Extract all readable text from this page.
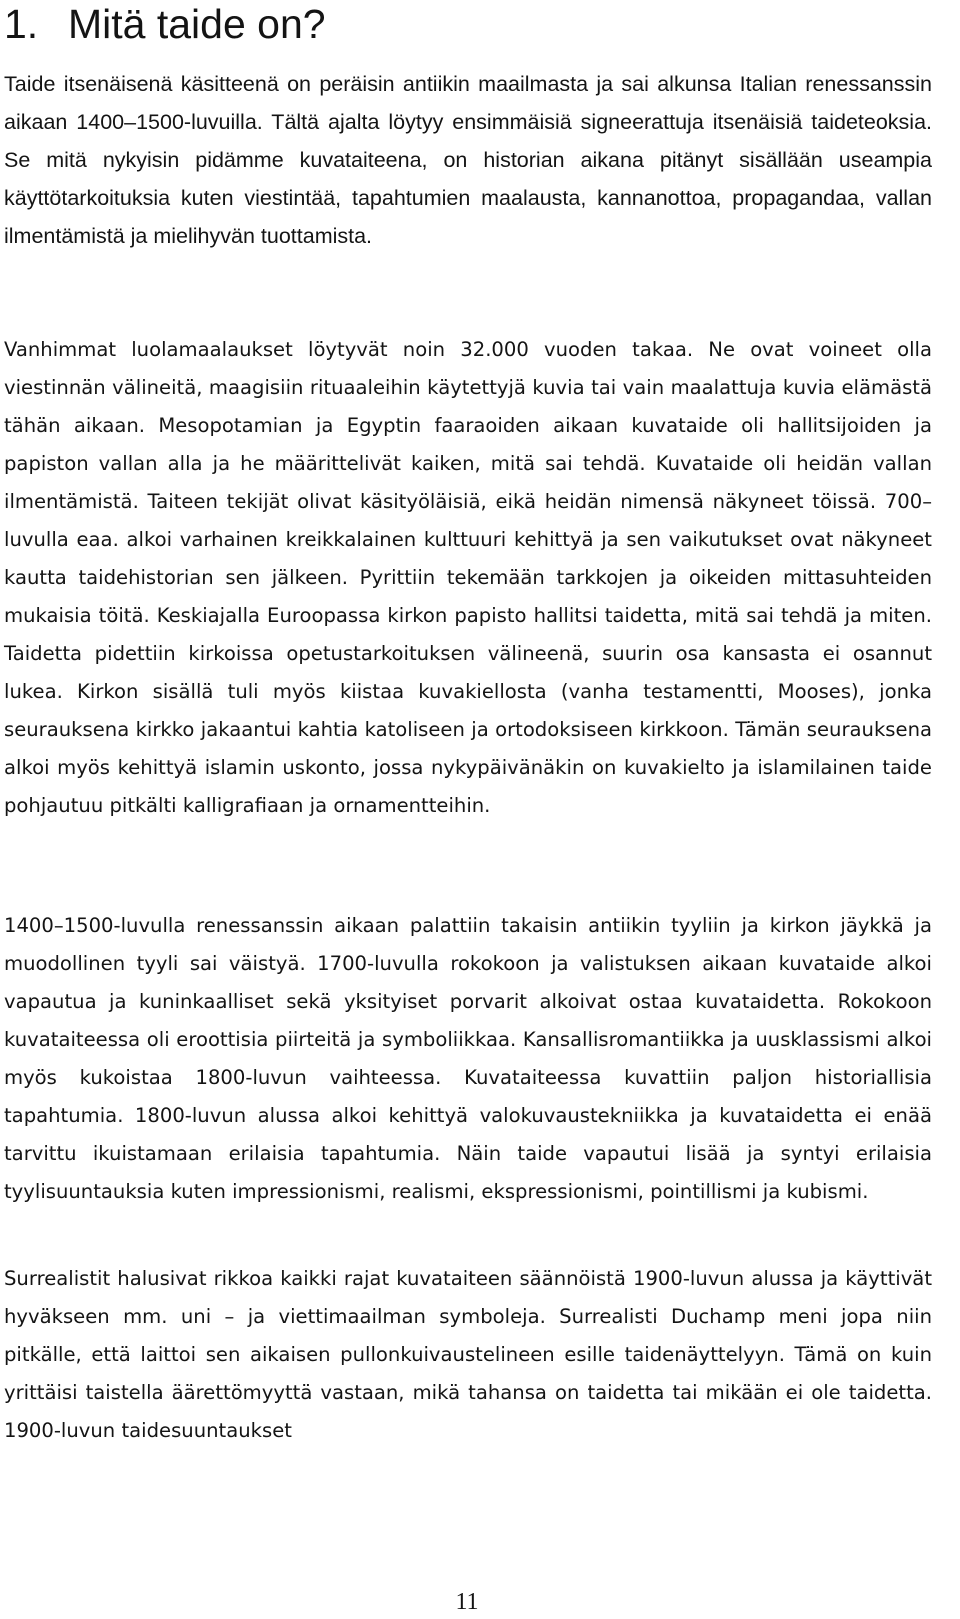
1. Mitä taide on?

Taide itsenäisenä käsitteenä on peräisin antiikin maailmasta ja sai alkunsa Italian renessanssin aikaan 1400–1500-luvuilla. Tältä ajalta löytyy ensimmäisiä signeerattuja itsenäisiä taideteoksia. Se mitä nykyisin pidämme kuvataiteena, on historian aikana pitänyt sisällään useampia käyttötarkoituksia kuten viestintää, tapahtumien maalausta, kannanottoa, propagandaa, vallan ilmentämistä ja mielihyvän tuottamista.

Vanhimmat luolamaalaukset löytyvät noin 32.000 vuoden takaa. Ne ovat voineet olla viestinnän välineitä, maagisiin rituaaleihin käytettyjä kuvia tai vain maalattuja kuvia elämästä tähän aikaan. Mesopotamian ja Egyptin faaraoiden aikaan kuvataide oli hallitsijoiden ja papiston vallan alla ja he määrittelivät kaiken, mitä sai tehdä. Kuvataide oli heidän vallan ilmentämistä. Taiteen tekijät olivat käsityöläisiä, eikä heidän nimensä näkyneet töissä. 700–luvulla eaa. alkoi varhainen kreikkalainen kulttuuri kehittyä ja sen vaikutukset ovat näkyneet kautta taidehistorian sen jälkeen. Pyrittiin tekemään tarkkojen ja oikeiden mittasuhteiden mukaisia töitä. Keskiajalla Euroopassa kirkon papisto hallitsi taidetta, mitä sai tehdä ja miten. Taidetta pidettiin kirkoissa opetustarkoituksen välineenä, suurin osa kansasta ei osannut lukea. Kirkon sisällä tuli myös kiistaa kuvakiellosta (vanha testamentti, Mooses), jonka seurauksena kirkko jakaantui kahtia katoliseen ja ortodoksiseen kirkkoon. Tämän seurauksena alkoi myös kehittyä islamin uskonto, jossa nykypäivänäkin on kuvakielto ja islamilainen taide pohjautuu pitkälti kalligrafiaan ja ornamentteihin.

1400–1500-luvulla renessanssin aikaan palattiin takaisin antiikin tyyliin ja kirkon jäykkä ja muodollinen tyyli sai väistyä. 1700-luvulla rokokoon ja valistuksen aikaan kuvataide alkoi vapautua ja kuninkaalliset sekä yksityiset porvarit alkoivat ostaa kuvataidetta. Rokokoon kuvataiteessa oli eroottisia piirteitä ja symboliikkaa. Kansallisromantiikka ja uusklassismi alkoi myös kukoistaa 1800-luvun vaihteessa. Kuvataiteessa kuvattiin paljon historiallisia tapahtumia. 1800-luvun alussa alkoi kehittyä valokuvaustekniikka ja kuvataidetta ei enää tarvittu ikuistamaan erilaisia tapahtumia. Näin taide vapautui lisää ja syntyi erilaisia tyylisuuntauksia kuten impressionismi, realismi, ekspressionismi, pointillismi ja kubismi.

Surrealistit halusivat rikkoa kaikki rajat kuvataiteen säännöistä 1900-luvun alussa ja käyttivät hyväkseen mm. uni – ja viettimaailman symboleja. Surrealisti Duchamp meni jopa niin pitkälle, että laittoi sen aikaisen pullonkuivaustelineen esille taidenäyttelyyn. Tämä on kuin yrittäisi taistella äärettömyyttä vastaan, mikä tahansa on taidetta tai mikään ei ole taidetta. 1900-luvun taidesuuntaukset

11
